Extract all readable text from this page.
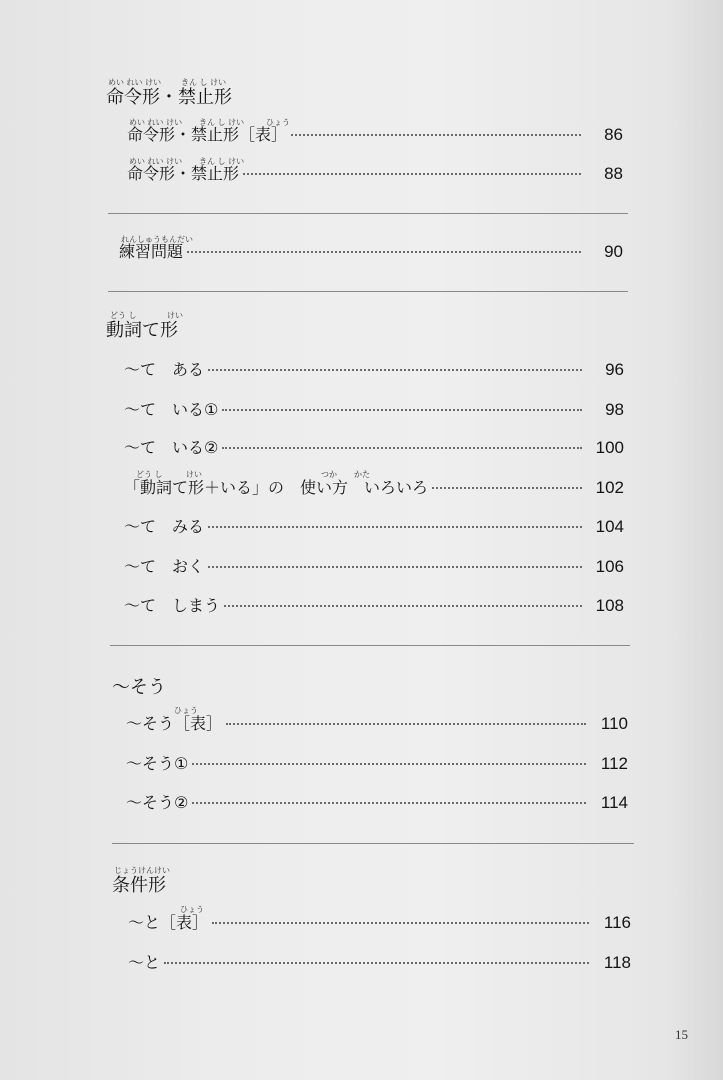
めい れい けい きん し けい
命令形・禁止形
めい れい けい きん し けい	ひょう
命令形・禁止形［表］	86
めい れい けい きん し けい
命令形・禁止形	88
れんしゅうもんだい
練習問題	90
どう し	けい
動詞て形
〜て　ある	96
〜て　いる①	98
〜て　いる②	100
どう し	けい	つか かた
「動詞て形＋いる」の　使い方　いろいろ	102
〜て　みる	104
〜て　おく	106
〜て　しまう	108
〜そう
ひょう
〜そう［表］	110
〜そう①	112
〜そう②	114
じょうけんけい
条件形
ひょう
〜と［表］	116
〜と	118
15
